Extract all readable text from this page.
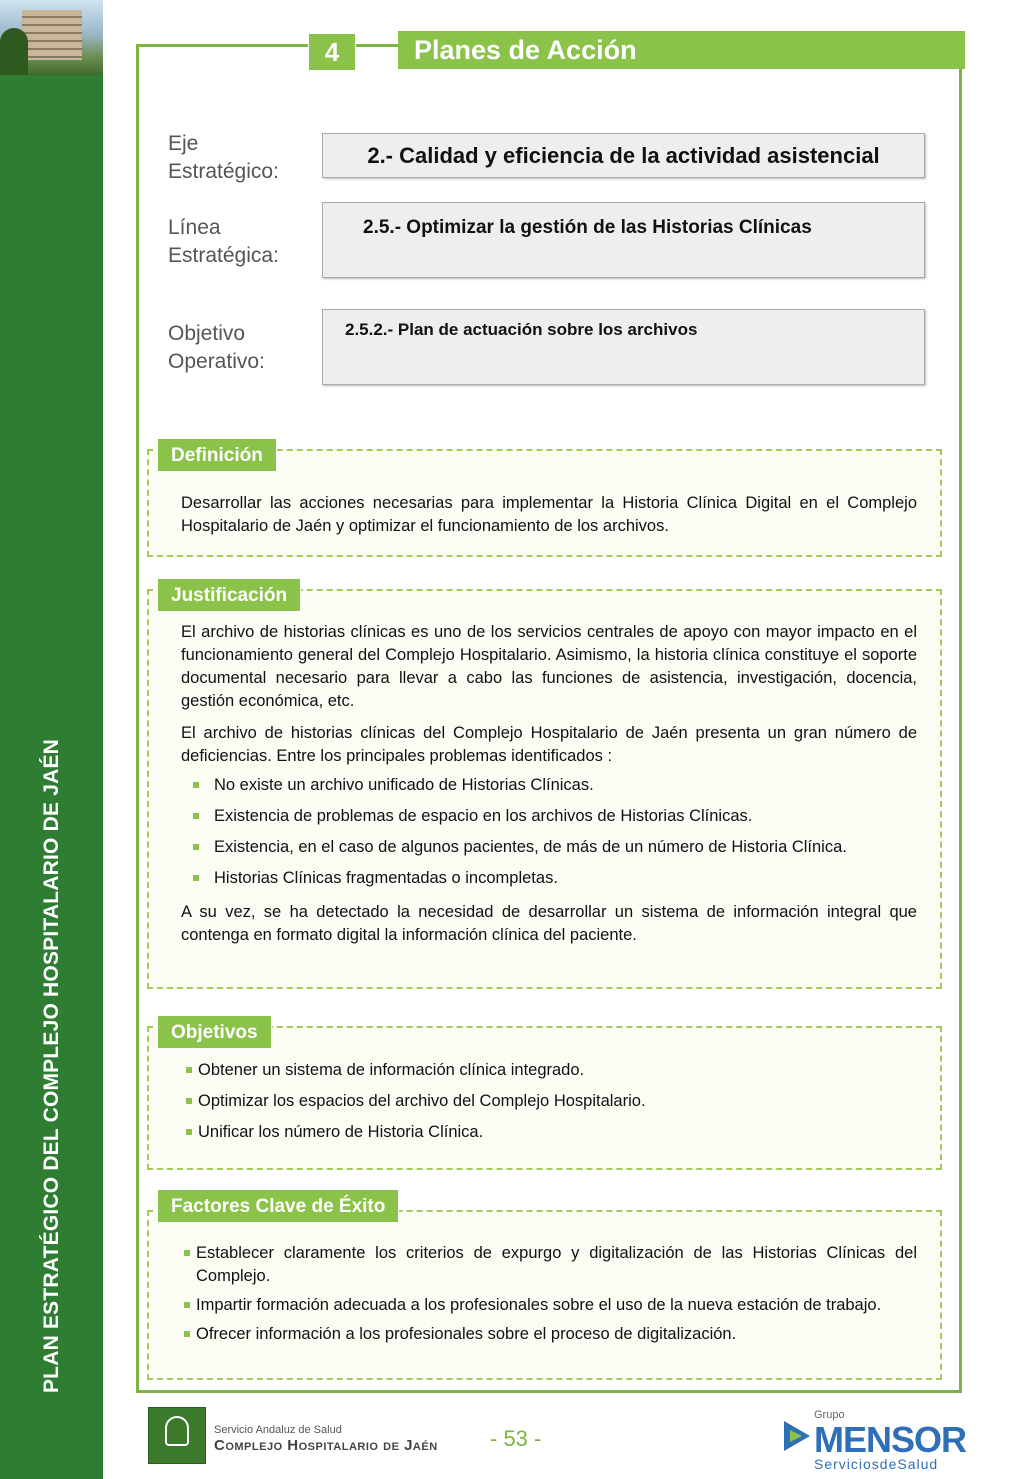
PLAN ESTRATÉGICO DEL COMPLEJO HOSPITALARIO DE JAÉN
4	Planes de Acción
Eje
Estratégico:
2.- Calidad y eficiencia de la actividad asistencial
Línea
Estratégica:
2.5.- Optimizar la gestión de las Historias Clínicas
Objetivo
Operativo:
2.5.2.- Plan de actuación sobre los archivos
Definición

Desarrollar las acciones necesarias para implementar la Historia Clínica Digital en el Complejo Hospitalario de Jaén y optimizar el funcionamiento de los archivos.

Justificación

El archivo de historias clínicas es uno de los servicios centrales de apoyo con mayor impacto en el funcionamiento general del Complejo Hospitalario. Asimismo, la historia clínica constituye el soporte documental necesario para llevar a cabo las funciones de asistencia, investigación, docencia, gestión económica, etc.

El archivo de historias clínicas del Complejo Hospitalario de Jaén presenta un gran número de deficiencias. Entre los principales problemas identificados :

No existe un archivo unificado de Historias Clínicas.
Existencia de problemas de espacio en los archivos de Historias Clínicas.
Existencia, en el caso de algunos pacientes, de más de un número de Historia Clínica.
Historias Clínicas fragmentadas o incompletas.

A su vez, se ha detectado la necesidad de desarrollar un sistema de información integral que contenga en formato digital la información clínica del paciente.

Objetivos
Obtener un sistema de información clínica integrado.
Optimizar los espacios del archivo del Complejo Hospitalario.
Unificar los número de Historia Clínica.
Factores Clave de Éxito
Establecer claramente los criterios de expurgo y digitalización de las Historias Clínicas del Complejo.
Impartir formación adecuada a los profesionales sobre el uso de la nueva estación de trabajo.
Ofrecer información a los profesionales sobre el proceso de digitalización.
Servicio Andaluz de Salud
Complejo Hospitalario de Jaén - 53 -
Grupo
MENSOR
ServiciosdeSalud
